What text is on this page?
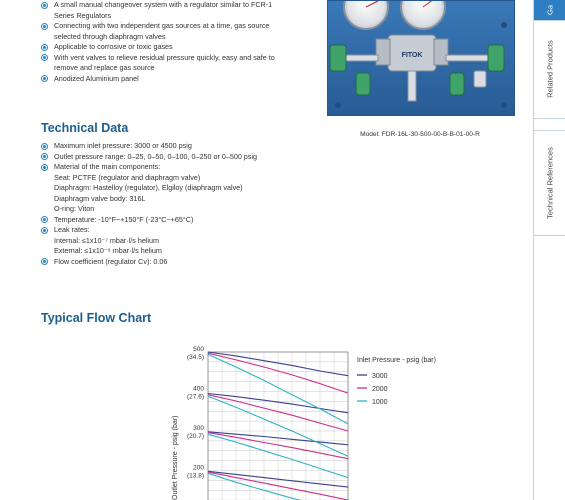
A small manual changeover system with a regulator similar to FCR-1
Series Regulators
Connecting with two independent gas sources at a time, gas source
selected through diaphragm valves
Applicable to corrosive or toxic gases
With vent valves to relieve residual pressure quickly, easy and safe to
remove and replace gas source
Anodized Aluminium panel
FITOK
Model: FDR-16L-30-500-00-B-B-01-00-R
Technical Data
Maximum inlet pressure: 3000 or 4500 psig
Outlet pressure range: 0–25, 0–50, 0–100, 0–250 or 0–500 psig
Material of the main components:
Seat: PCTFE (regulator and diaphragm valve)
Diaphragm: Hastelloy (regulator), Elgiloy (diaphragm valve)
Diaphragm valve body: 316L
O-ring: Viton
Temperature: -10°F~+150°F (-23°C~+65°C)
Leak rates:
Internal: ≤1x10⁻⁷ mbar·l/s helium
External: ≤1x10⁻⁹ mbar·l/s helium
Flow coefficient (regulator Cv): 0.06
Typical Flow Chart
500
(34.5)
400
(27.6)
300
(20.7)
200
(13.8)
Outlet Pressure - psig (bar)
Inlet Pressure - psig (bar)
3000
2000
1000
Ga
Related Products
Technical References
